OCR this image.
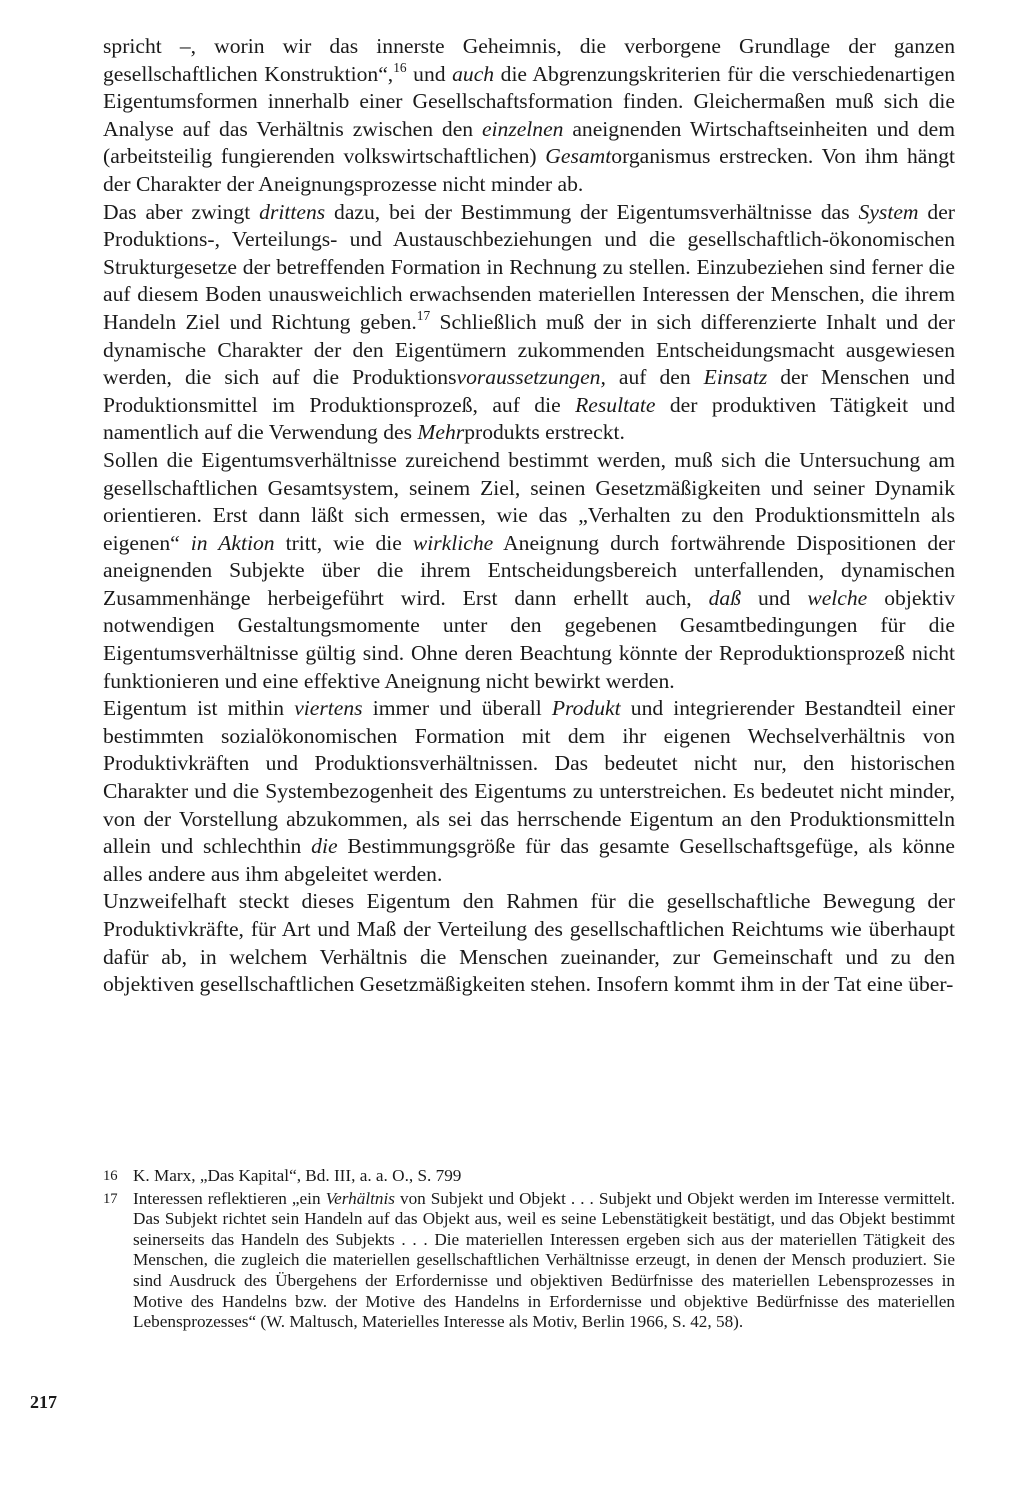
spricht –, worin wir das innerste Geheimnis, die verborgene Grundlage der ganzen gesellschaftlichen Konstruktion“,$^{16}$ und auch die Abgrenzungskriterien für die verschiedenartigen Eigentumsformen innerhalb einer Gesellschaftsformation finden. Gleichermaßen muß sich die Analyse auf das Verhältnis zwischen den einzelnen aneignenden Wirtschaftseinheiten und dem (arbeitsteilig fungierenden volkswirtschaftlichen) Gesamtorganismus erstrecken. Von ihm hängt der Charakter der Aneignungsprozesse nicht minder ab.

Das aber zwingt drittens dazu, bei der Bestimmung der Eigentumsverhältnisse das System der Produktions-, Verteilungs- und Austauschbeziehungen und die gesellschaftlich-ökonomischen Strukturgesetze der betreffenden Formation in Rechnung zu stellen. Einzubeziehen sind ferner die auf diesem Boden unausweichlich erwachsenden materiellen Interessen der Menschen, die ihrem Handeln Ziel und Richtung geben.$^{17}$ Schließlich muß der in sich differenzierte Inhalt und der dynamische Charakter der den Eigentümern zukommenden Entscheidungsmacht ausgewiesen werden, die sich auf die Produktionsvoraussetzungen, auf den Einsatz der Menschen und Produktionsmittel im Produktionsprozeß, auf die Resultate der produktiven Tätigkeit und namentlich auf die Verwendung des Mehrprodukts erstreckt.

Sollen die Eigentumsverhältnisse zureichend bestimmt werden, muß sich die Untersuchung am gesellschaftlichen Gesamtsystem, seinem Ziel, seinen Gesetzmäßigkeiten und seiner Dynamik orientieren. Erst dann läßt sich ermessen, wie das „Verhalten zu den Produktionsmitteln als eigenen“ in Aktion tritt, wie die wirkliche Aneignung durch fortwährende Dispositionen der aneignenden Subjekte über die ihrem Entscheidungsbereich unterfallenden, dynamischen Zusammenhänge herbeigeführt wird. Erst dann erhellt auch, daß und welche objektiv notwendigen Gestaltungsmomente unter den gegebenen Gesamtbedingungen für die Eigentumsverhältnisse gültig sind. Ohne deren Beachtung könnte der Reproduktionsprozeß nicht funktionieren und eine effektive Aneignung nicht bewirkt werden.

Eigentum ist mithin viertens immer und überall Produkt und integrierender Bestandteil einer bestimmten sozialökonomischen Formation mit dem ihr eigenen Wechselverhältnis von Produktivkräften und Produktionsverhältnissen. Das bedeutet nicht nur, den historischen Charakter und die Systembezogenheit des Eigentums zu unterstreichen. Es bedeutet nicht minder, von der Vorstellung abzukommen, als sei das herrschende Eigentum an den Produktionsmitteln allein und schlechthin die Bestimmungsgröße für das gesamte Gesellschaftsgefüge, als könne alles andere aus ihm abgeleitet werden.

Unzweifelhaft steckt dieses Eigentum den Rahmen für die gesellschaftliche Bewegung der Produktivkräfte, für Art und Maß der Verteilung des gesellschaftlichen Reichtums wie überhaupt dafür ab, in welchem Verhältnis die Menschen zueinander, zur Gemeinschaft und zu den objektiven gesellschaftlichen Gesetzmäßigkeiten stehen. Insofern kommt ihm in der Tat eine über-

16 K. Marx, „Das Kapital“, Bd. III, a. a. O., S. 799
17 Interessen reflektieren „ein Verhältnis von Subjekt und Objekt . . . Subjekt und Objekt werden im Interesse vermittelt. Das Subjekt richtet sein Handeln auf das Objekt aus, weil es seine Lebenstätigkeit bestätigt, und das Objekt bestimmt seinerseits das Handeln des Subjekts . . . Die materiellen Interessen ergeben sich aus der materiellen Tätigkeit des Menschen, die zugleich die materiellen gesellschaftlichen Verhältnisse erzeugt, in denen der Mensch produziert. Sie sind Ausdruck des Übergehens der Erfordernisse und objektiven Bedürfnisse des materiellen Lebensprozesses in Motive des Handelns bzw. der Motive des Handelns in Erfordernisse und objektive Bedürfnisse des materiellen Lebensprozesses“ (W. Maltusch, Materielles Interesse als Motiv, Berlin 1966, S. 42, 58).
217
